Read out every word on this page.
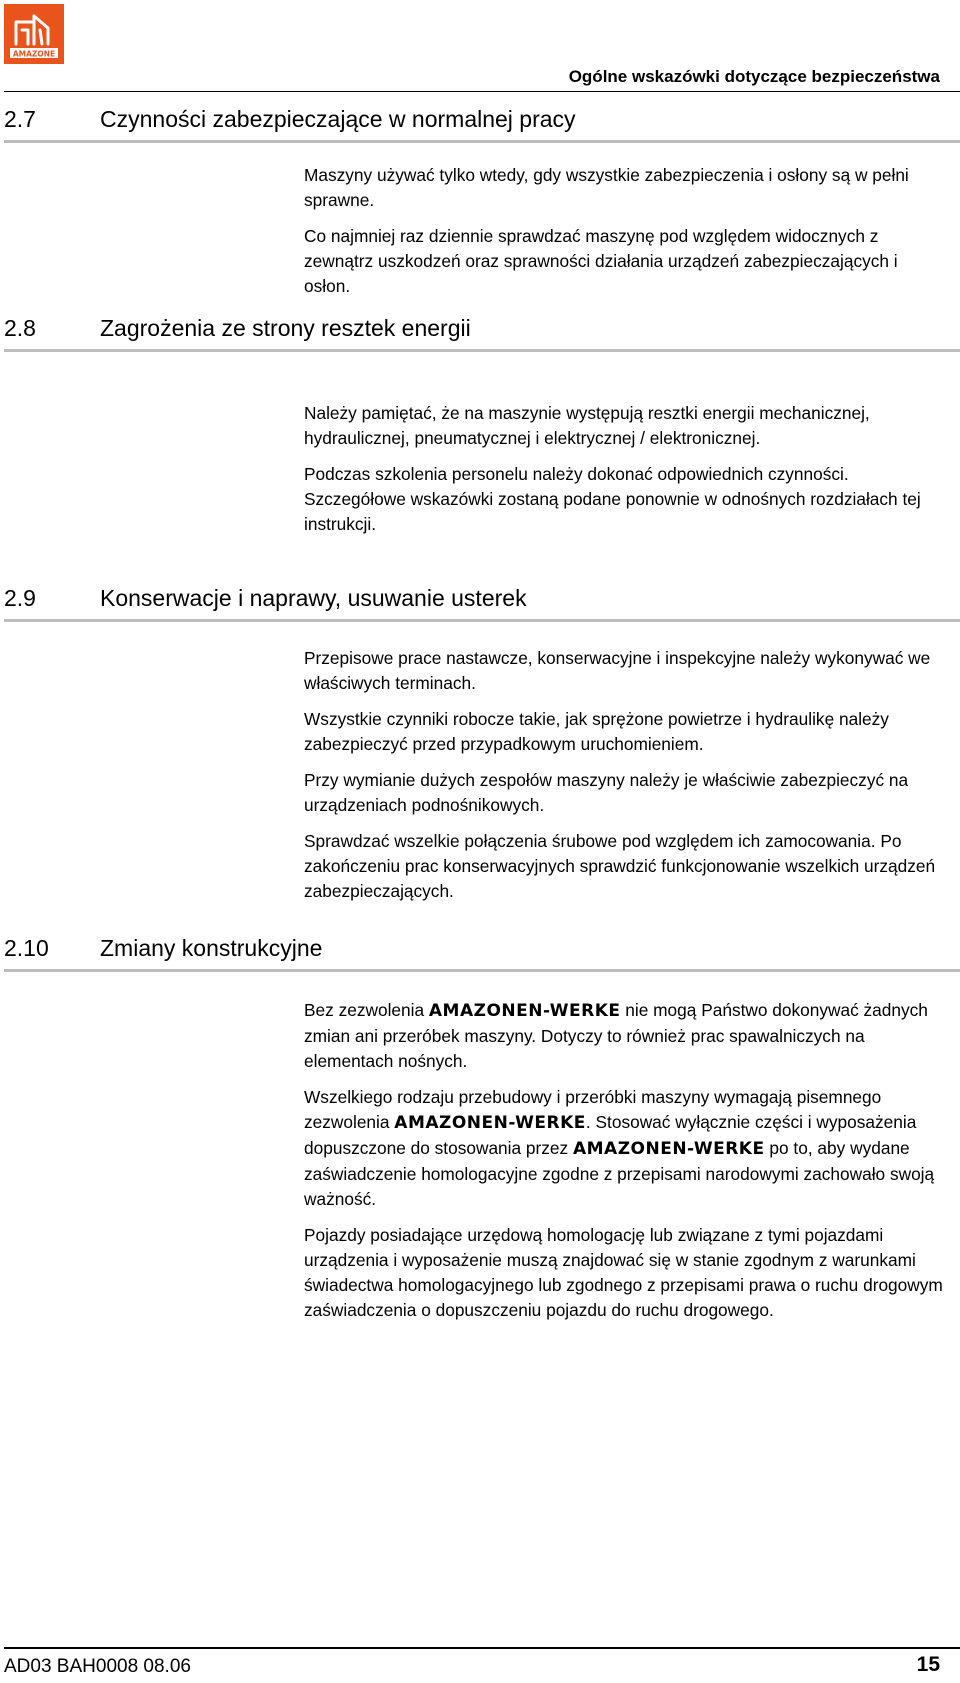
AMAZONE
Ogólne wskazówki dotyczące bezpieczeństwa
2.7	Czynności zabezpieczające w normalnej pracy

Maszyny używać tylko wtedy, gdy wszystkie zabezpieczenia i osłony są w pełni sprawne.

Co najmniej raz dziennie sprawdzać maszynę pod względem widocznych z zewnątrz uszkodzeń oraz sprawności działania urządzeń zabezpieczających i osłon.

2.8	Zagrożenia ze strony resztek energii

Należy pamiętać, że na maszynie występują resztki energii mechanicznej, hydraulicznej, pneumatycznej i elektrycznej / elektronicznej.

Podczas szkolenia personelu należy dokonać odpowiednich czynności. Szczegółowe wskazówki zostaną podane ponownie w odnośnych rozdziałach tej instrukcji.

2.9	Konserwacje i naprawy, usuwanie usterek

Przepisowe prace nastawcze, konserwacyjne i inspekcyjne należy wykonywać we właściwych terminach.

Wszystkie czynniki robocze takie, jak sprężone powietrze i hydraulikę należy zabezpieczyć przed przypadkowym uruchomieniem.

Przy wymianie dużych zespołów maszyny należy je właściwie zabezpieczyć na urządzeniach podnośnikowych.

Sprawdzać wszelkie połączenia śrubowe pod względem ich zamocowania. Po zakończeniu prac konserwacyjnych sprawdzić funkcjonowanie wszelkich urządzeń zabezpieczających.

2.10 Zmiany konstrukcyjne

Bez zezwolenia AMAZONEN-WERKE nie mogą Państwo dokonywać żadnych zmian ani przeróbek maszyny. Dotyczy to również prac spawalniczych na elementach nośnych.

Wszelkiego rodzaju przebudowy i przeróbki maszyny wymagają pisemnego zezwolenia AMAZONEN-WERKE. Stosować wyłącznie części i wyposażenia dopuszczone do stosowania przez AMAZONEN-WERKE po to, aby wydane zaświadczenie homologacyjne zgodne z przepisami narodowymi zachowało swoją ważność.

Pojazdy posiadające urzędową homologację lub związane z tymi pojazdami urządzenia i wyposażenie muszą znajdować się w stanie zgodnym z warunkami świadectwa homologacyjnego lub zgodnego z przepisami prawa o ruchu drogowym zaświadczenia o dopuszczeniu pojazdu do ruchu drogowego.

AD03 BAH0008 08.06	15
